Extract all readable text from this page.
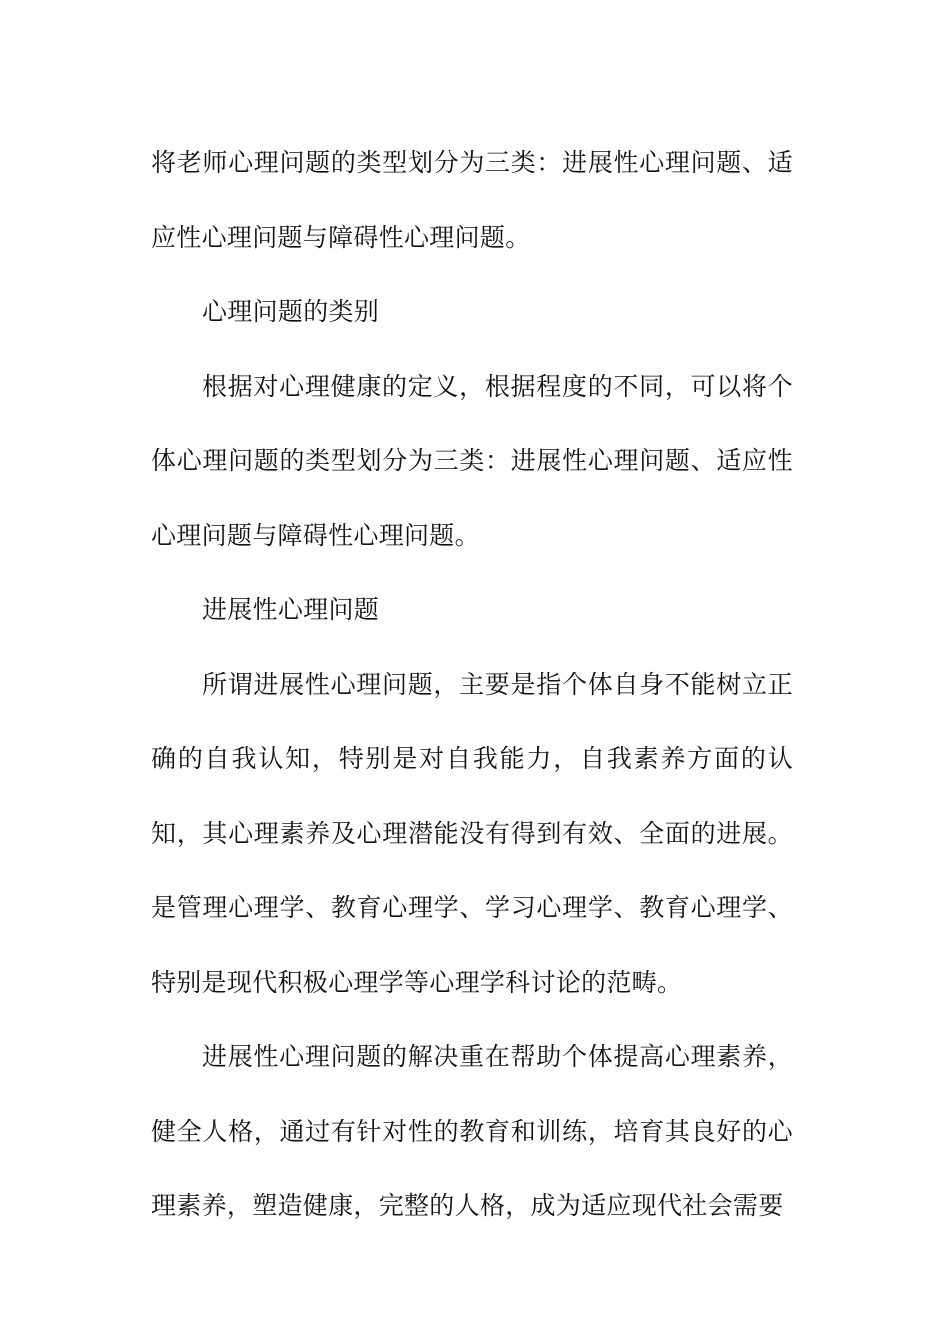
将老师心理问题的类型划分为三类：进展性心理问题、适应性心理问题与障碍性心理问题。

心理问题的类别

根据对心理健康的定义，根据程度的不同，可以将个体心理问题的类型划分为三类：进展性心理问题、适应性心理问题与障碍性心理问题。

进展性心理问题

所谓进展性心理问题，主要是指个体自身不能树立正确的自我认知，特别是对自我能力，自我素养方面的认知，其心理素养及心理潜能没有得到有效、全面的进展。是管理心理学、教育心理学、学习心理学、教育心理学、特别是现代积极心理学等心理学科讨论的范畴。

进展性心理问题的解决重在帮助个体提高心理素养，健全人格，通过有针对性的教育和训练，培育其良好的心理素养，塑造健康，完整的人格，成为适应现代社会需要
